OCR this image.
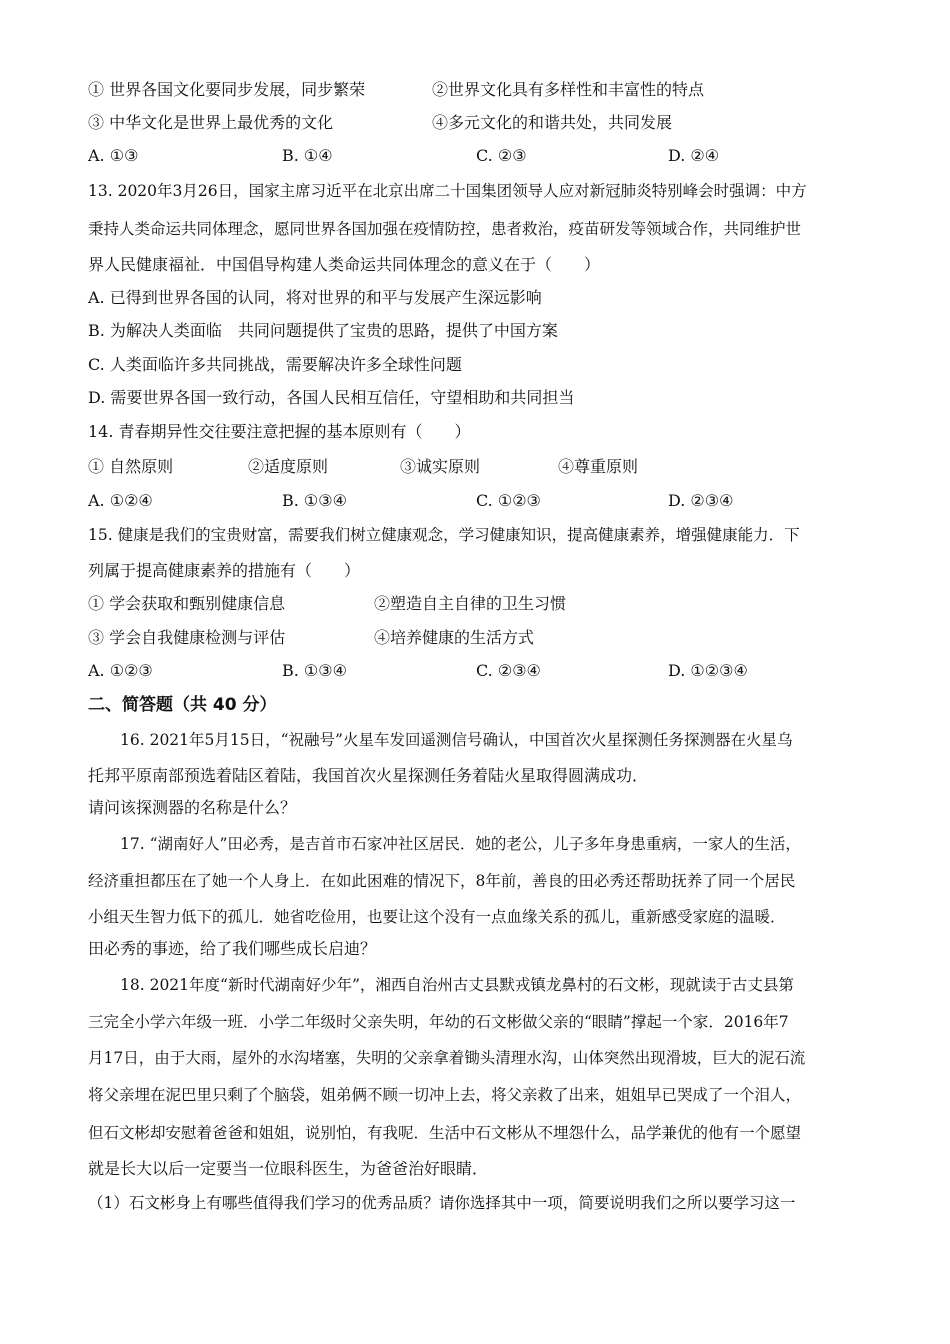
① 世界各国文化要同步发展，同步繁荣	②世界文化具有多样性和丰富性的特点
③ 中华文化是世界上最优秀的文化	④多元文化的和谐共处，共同发展
A. ①③	B. ①④	C. ②③	D. ②④
13. 2020年3月26日，国家主席习近平在北京出席二十国集团领导人应对新冠肺炎特别峰会时强调：中方
秉持人类命运共同体理念，愿同世界各国加强在疫情防控，患者救治，疫苗研发等领域合作，共同维护世
界人民健康福祉．中国倡导构建人类命运共同体理念的意义在于（　　）
A. 已得到世界各国的认同，将对世界的和平与发展产生深远影响
B. 为解决人类面临　共同问题提供了宝贵的思路，提供了中国方案
C. 人类面临许多共同挑战，需要解决许多全球性问题
D. 需要世界各国一致行动，各国人民相互信任，守望相助和共同担当
14. 青春期异性交往要注意把握的基本原则有（　　）
① 自然原则	②适度原则	③诚实原则	④尊重原则
A. ①②④	B. ①③④	C. ①②③	D. ②③④
15. 健康是我们的宝贵财富，需要我们树立健康观念，学习健康知识，提高健康素养，增强健康能力．下
列属于提高健康素养的措施有（　　）
① 学会获取和甄别健康信息	②塑造自主自律的卫生习惯
③ 学会自我健康检测与评估	④培养健康的生活方式
A. ①②③	B. ①③④	C. ②③④	D. ①②③④
二、简答题（共 40 分）
16. 2021年5月15日，“祝融号”火星车发回遥测信号确认，中国首次火星探测任务探测器在火星乌
托邦平原南部预选着陆区着陆，我国首次火星探测任务着陆火星取得圆满成功．
请问该探测器的名称是什么？
17. “湖南好人”田必秀，是吉首市石家冲社区居民．她的老公，儿子多年身患重病，一家人的生活，
经济重担都压在了她一个人身上．在如此困难的情况下，8年前，善良的田必秀还帮助抚养了同一个居民
小组天生智力低下的孤儿．她省吃俭用，也要让这个没有一点血缘关系的孤儿，重新感受家庭的温暖．
田必秀的事迹，给了我们哪些成长启迪？
18. 2021年度“新时代湖南好少年”，湘西自治州古丈县默戎镇龙鼻村的石文彬，现就读于古丈县第
三完全小学六年级一班．小学二年级时父亲失明，年幼的石文彬做父亲的“眼睛”撑起一个家．2016年7
月17日，由于大雨，屋外的水沟堵塞，失明的父亲拿着锄头清理水沟，山体突然出现滑坡，巨大的泥石流
将父亲埋在泥巴里只剩了个脑袋，姐弟俩不顾一切冲上去，将父亲救了出来，姐姐早已哭成了一个泪人，
但石文彬却安慰着爸爸和姐姐，说别怕，有我呢．生活中石文彬从不埋怨什么，品学兼优的他有一个愿望
就是长大以后一定要当一位眼科医生，为爸爸治好眼睛．
（1）石文彬身上有哪些值得我们学习的优秀品质？请你选择其中一项，简要说明我们之所以要学习这一
